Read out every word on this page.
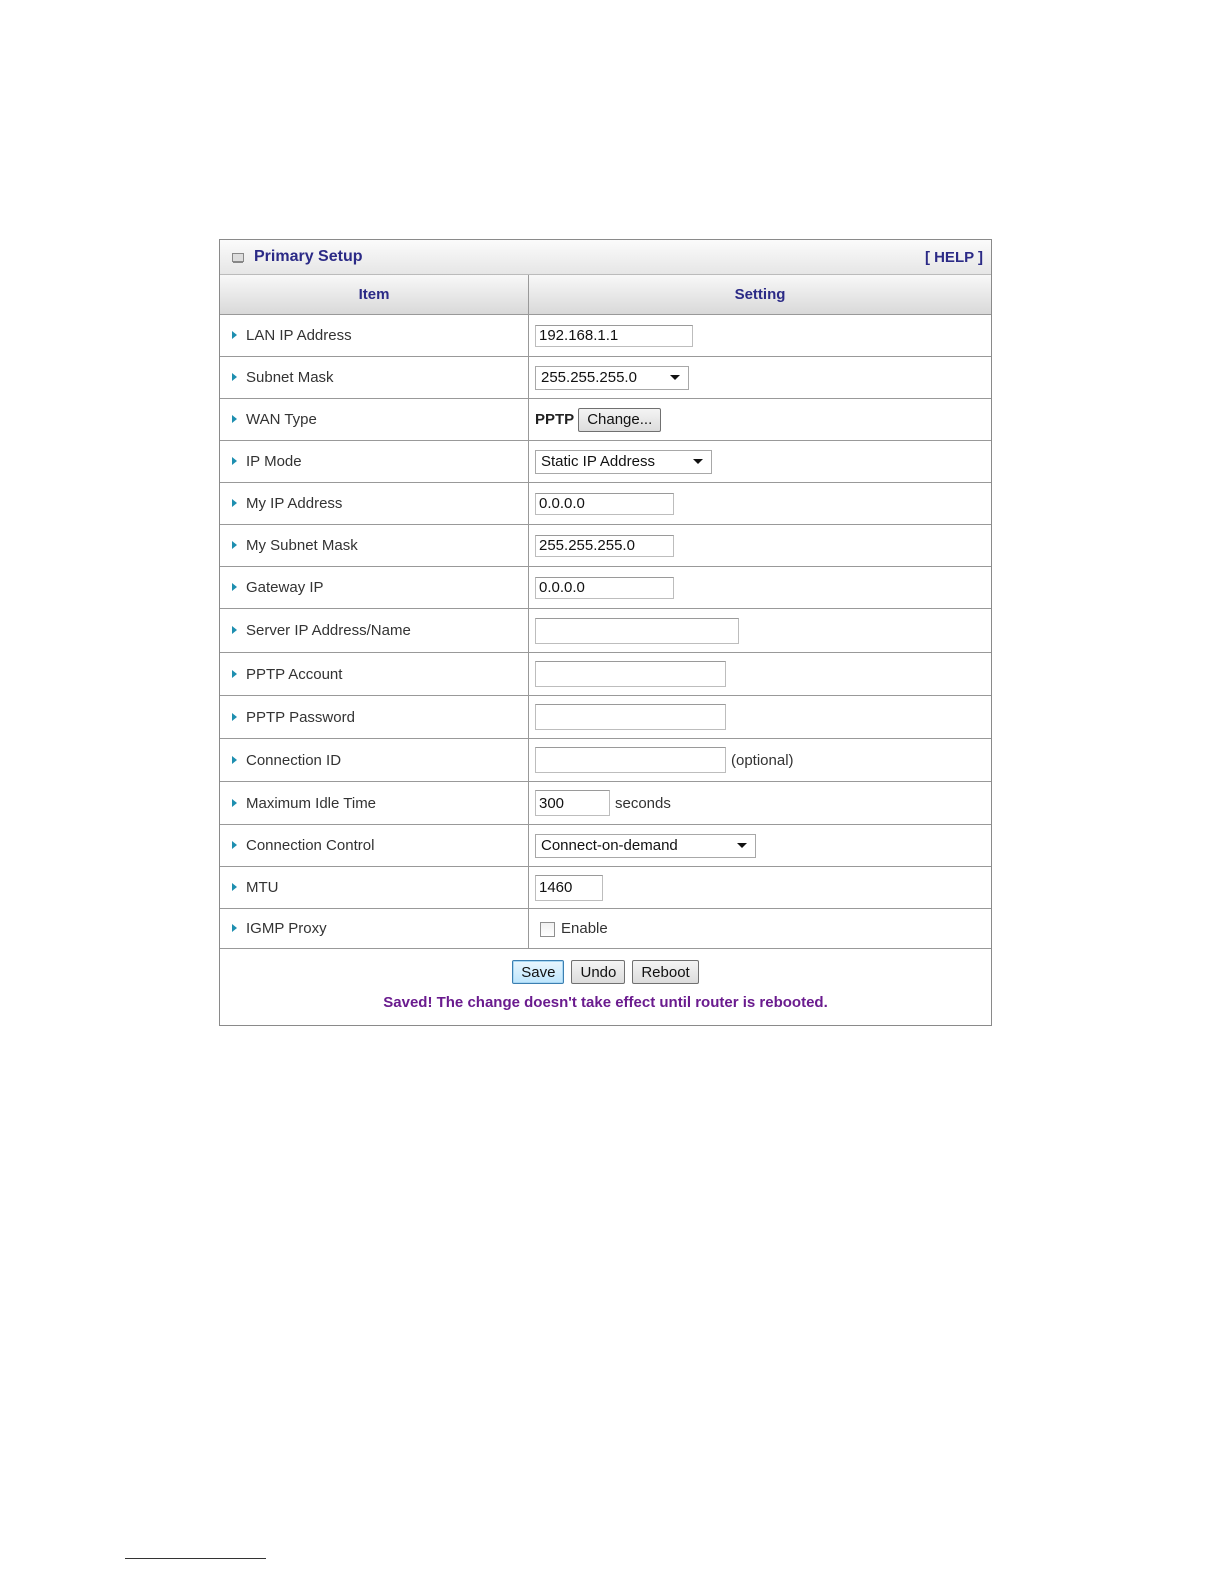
Primary Setup	[ HELP ]
Item	Setting
LAN IP Address	192.168.1.1
Subnet Mask	255.255.255.0

WAN Type	PPTP Change...
IP Mode	Static IP Address

My IP Address	0.0.0.0
My Subnet Mask	255.255.255.0
Gateway IP	0.0.0.0
Server IP Address/Name	
PPTP Account	
PPTP Password	
Connection ID	(optional)
Maximum Idle Time	300seconds
Connection Control	Connect-on-demand

MTU	1460
IGMP Proxy	Enable
Save	Undo	Reboot
Saved! The change doesn't take effect until router is rebooted.
